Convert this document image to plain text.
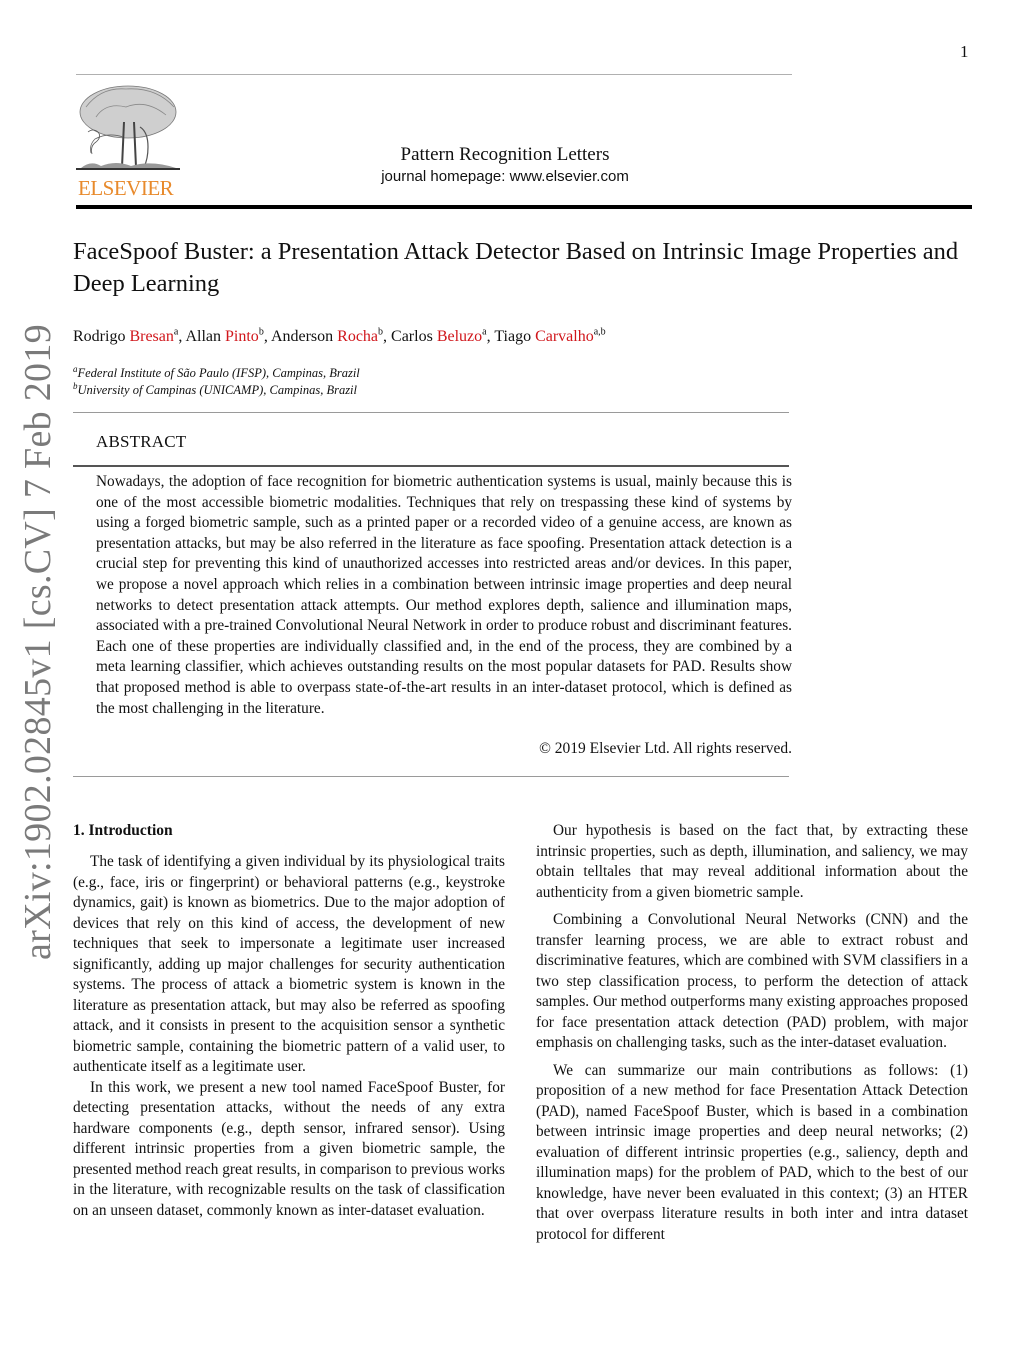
1
arXiv:1902.02845v1 [cs.CV] 7 Feb 2019
ELSEVIER
Pattern Recognition Letters
journal homepage: www.elsevier.com
FaceSpoof Buster: a Presentation Attack Detector Based on Intrinsic Image Properties and Deep Learning
Rodrigo Bresan$^a$, Allan Pinto$^b$, Anderson Rocha$^b$, Carlos Beluzo$^a$, Tiago Carvalho$^{a,b}$
$^a$Federal Institute of São Paulo (IFSP), Campinas, Brazil
$^b$University of Campinas (UNICAMP), Campinas, Brazil
ABSTRACT
Nowadays, the adoption of face recognition for biometric authentication systems is usual, mainly because this is one of the most accessible biometric modalities. Techniques that rely on trespassing these kind of systems by using a forged biometric sample, such as a printed paper or a recorded video of a genuine access, are known as presentation attacks, but may be also referred in the literature as face spoofing. Presentation attack detection is a crucial step for preventing this kind of unauthorized accesses into restricted areas and/or devices. In this paper, we propose a novel approach which relies in a combination between intrinsic image properties and deep neural networks to detect presentation attack attempts. Our method explores depth, salience and illumination maps, associated with a pre-trained Convolutional Neural Network in order to produce robust and discriminant features. Each one of these properties are individually classified and, in the end of the process, they are combined by a meta learning classifier, which achieves outstanding results on the most popular datasets for PAD. Results show that proposed method is able to overpass state-of-the-art results in an inter-dataset protocol, which is defined as the most challenging in the literature.
© 2019 Elsevier Ltd. All rights reserved.
1. Introduction

The task of identifying a given individual by its physiological traits (e.g., face, iris or fingerprint) or behavioral patterns (e.g., keystroke dynamics, gait) is known as biometrics. Due to the major adoption of devices that rely on this kind of access, the development of new techniques that seek to impersonate a legitimate user increased significantly, adding up major challenges for security authentication systems. The process of attack a biometric system is known in the literature as presentation attack, but may also be referred as spoofing attack, and it consists in present to the acquisition sensor a synthetic biometric sample, containing the biometric pattern of a valid user, to authenticate itself as a legitimate user.

In this work, we present a new tool named FaceSpoof Buster, for detecting presentation attacks, without the needs of any extra hardware components (e.g., depth sensor, infrared sensor). Using different intrinsic properties from a given biometric sample, the presented method reach great results, in comparison to previous works in the literature, with recognizable results on the task of classification on an unseen dataset, commonly known as inter-dataset evaluation.

Our hypothesis is based on the fact that, by extracting these intrinsic properties, such as depth, illumination, and saliency, we may obtain telltales that may reveal additional information about the authenticity from a given biometric sample.

Combining a Convolutional Neural Networks (CNN) and the transfer learning process, we are able to extract robust and discriminative features, which are combined with SVM classifiers in a two step classification process, to perform the detection of attack samples. Our method outperforms many existing approaches proposed for face presentation attack detection (PAD) problem, with major emphasis on challenging tasks, such as the inter-dataset evaluation.

We can summarize our main contributions as follows: (1) proposition of a new method for face Presentation Attack Detection (PAD), named FaceSpoof Buster, which is based in a combination between intrinsic image properties and deep neural networks; (2) evaluation of different intrinsic properties (e.g., saliency, depth and illumination maps) for the problem of PAD, which to the best of our knowledge, have never been evaluated in this context; (3) an HTER that over overpass literature results in both inter and intra dataset protocol for different
